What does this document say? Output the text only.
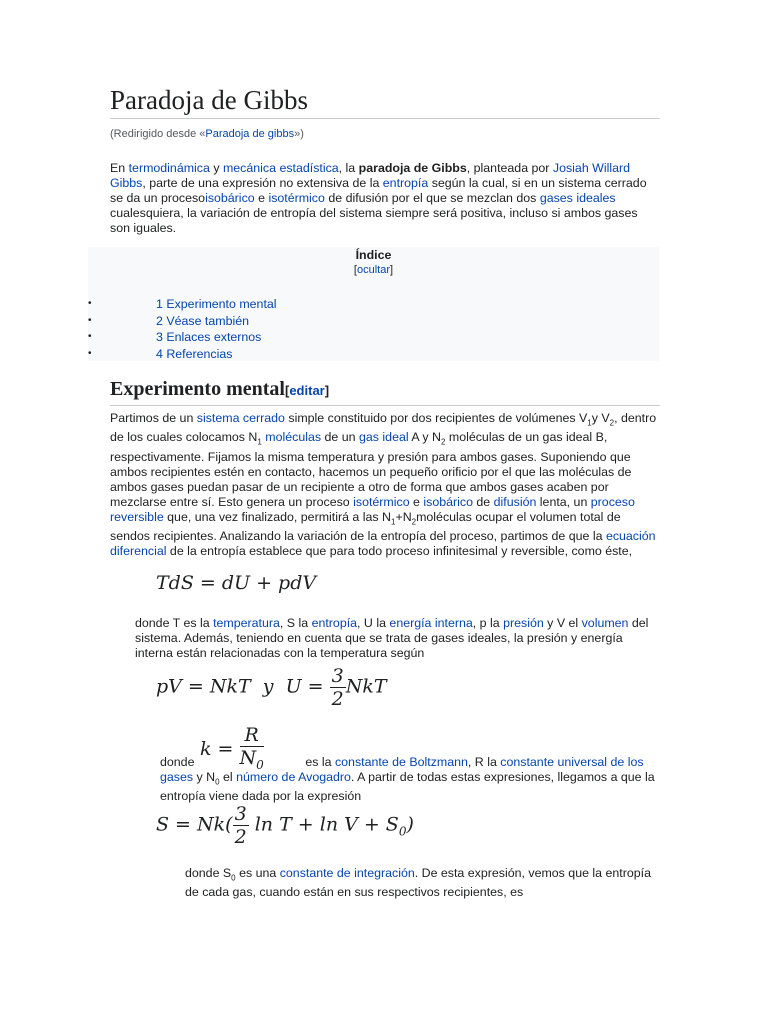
Paradoja de Gibbs
(Redirigido desde «Paradoja de gibbs»)

En termodinámica y mecánica estadística, la paradoja de Gibbs, planteada por Josiah Willard Gibbs, parte de una expresión no extensiva de la entropía según la cual, si en un sistema cerrado se da un procesoisobárico e isotérmico de difusión por el que se mezclan dos gases ideales cualesquiera, la variación de entropía del sistema siempre será positiva, incluso si ambos gases son iguales.

Índice
[ocultar]
•	1 Experimento mental
•	2 Véase también
•	3 Enlaces externos
•	4 Referencias
Experimento mental[editar]

Partimos de un sistema cerrado simple constituido por dos recipientes de volúmenes $V_1y$ $V_2$, dentro de los cuales colocamos $N_1$ moléculas de un gas ideal A y $N_2$ moléculas de un gas ideal B, respectivamente. Fijamos la misma temperatura y presión para ambos gases. Suponiendo que ambos recipientes estén en contacto, hacemos un pequeño orificio por el que las moléculas de ambos gases puedan pasar de un recipiente a otro de forma que ambos gases acaben por mezclarse entre sí. Esto genera un proceso isotérmico e isobárico de difusión lenta, un proceso reversible que, una vez finalizado, permitirá a las $N_1+N_2moléculas$ ocupar el volumen total de sendos recipientes. Analizando la variación de la entropía del proceso, partimos de que la ecuación diferencial de la entropía establece que para todo proceso infinitesimal y reversible, como éste,

TdS = dU + pdV

donde T es la temperatura, S la entropía, U la energía interna, p la presión y V el volumen del sistema. Además, teniendo en cuenta que se trata de gases ideales, la presión y energía interna están relacionadas con la temperatura según

pV = NkT  y  $U = \frac{3}{2}$ NkT
$k = \frac{R}{N_0}$

donde	es la constante de Boltzmann, R la constante universal de los gases y $N_0$ el número de Avogadro. A partir de todas estas expresiones, llegamos a que la entropía viene dada por la expresión

$S = Nk( \frac{3}{2}$ $\ln T + \ln V + S_0$)

donde $S_0$ es una constante de integración. De esta expresión, vemos que la entropía de cada gas, cuando están en sus respectivos recipientes, es
